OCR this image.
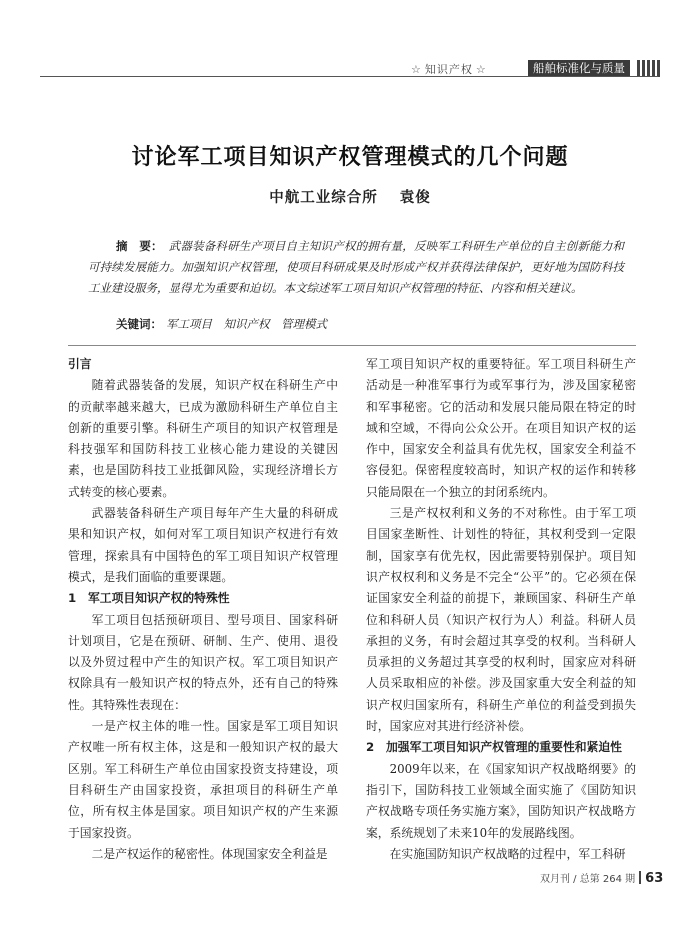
☆ 知识产权 ☆	船舶标准化与质量
讨论军工项目知识产权管理模式的几个问题
中航工业综合所 袁俊
摘　要： 武器装备科研生产项目自主知识产权的拥有量，反映军工科研生产单位的自主创新能力和可持续发展能力。加强知识产权管理，使项目科研成果及时形成产权并获得法律保护，更好地为国防科技工业建设服务，显得尤为重要和迫切。本文综述军工项目知识产权管理的特征、内容和相关建议。
关键词： 军工项目　知识产权　管理模式
引言

随着武器装备的发展，知识产权在科研生产中的贡献率越来越大，已成为激励科研生产单位自主创新的重要引擎。科研生产项目的知识产权管理是科技强军和国防科技工业核心能力建设的关键因素，也是国防科技工业抵御风险，实现经济增长方式转变的核心要素。

武器装备科研生产项目每年产生大量的科研成果和知识产权，如何对军工项目知识产权进行有效管理，探索具有中国特色的军工项目知识产权管理模式，是我们面临的重要课题。

1　军工项目知识产权的特殊性

军工项目包括预研项目、型号项目、国家科研计划项目，它是在预研、研制、生产、使用、退役以及外贸过程中产生的知识产权。军工项目知识产权除具有一般知识产权的特点外，还有自己的特殊性。其特殊性表现在：

一是产权主体的唯一性。国家是军工项目知识产权唯一所有权主体，这是和一般知识产权的最大区别。军工科研生产单位由国家投资支持建设，项目科研生产由国家投资，承担项目的科研生产单位，所有权主体是国家。项目知识产权的产生来源于国家投资。

二是产权运作的秘密性。体现国家安全利益是

军工项目知识产权的重要特征。军工项目科研生产活动是一种准军事行为或军事行为，涉及国家秘密和军事秘密。它的活动和发展只能局限在特定的时域和空域，不得向公众公开。在项目知识产权的运作中，国家安全利益具有优先权，国家安全利益不容侵犯。保密程度较高时，知识产权的运作和转移只能局限在一个独立的封闭系统内。

三是产权权利和义务的不对称性。由于军工项目国家垄断性、计划性的特征，其权利受到一定限制，国家享有优先权，因此需要特别保护。项目知识产权权利和义务是不完全“公平”的。它必须在保证国家安全利益的前提下，兼顾国家、科研生产单位和科研人员（知识产权行为人）利益。科研人员承担的义务，有时会超过其享受的权利。当科研人员承担的义务超过其享受的权利时，国家应对科研人员采取相应的补偿。涉及国家重大安全利益的知识产权归国家所有，科研生产单位的利益受到损失时，国家应对其进行经济补偿。

2　加强军工项目知识产权管理的重要性和紧迫性

2009年以来，在《国家知识产权战略纲要》的指引下，国防科技工业领域全面实施了《国防知识产权战略专项任务实施方案》，国防知识产权战略方案，系统规划了未来10年的发展路线图。

在实施国防知识产权战略的过程中，军工科研

双月刊 / 总第 264 期 63
